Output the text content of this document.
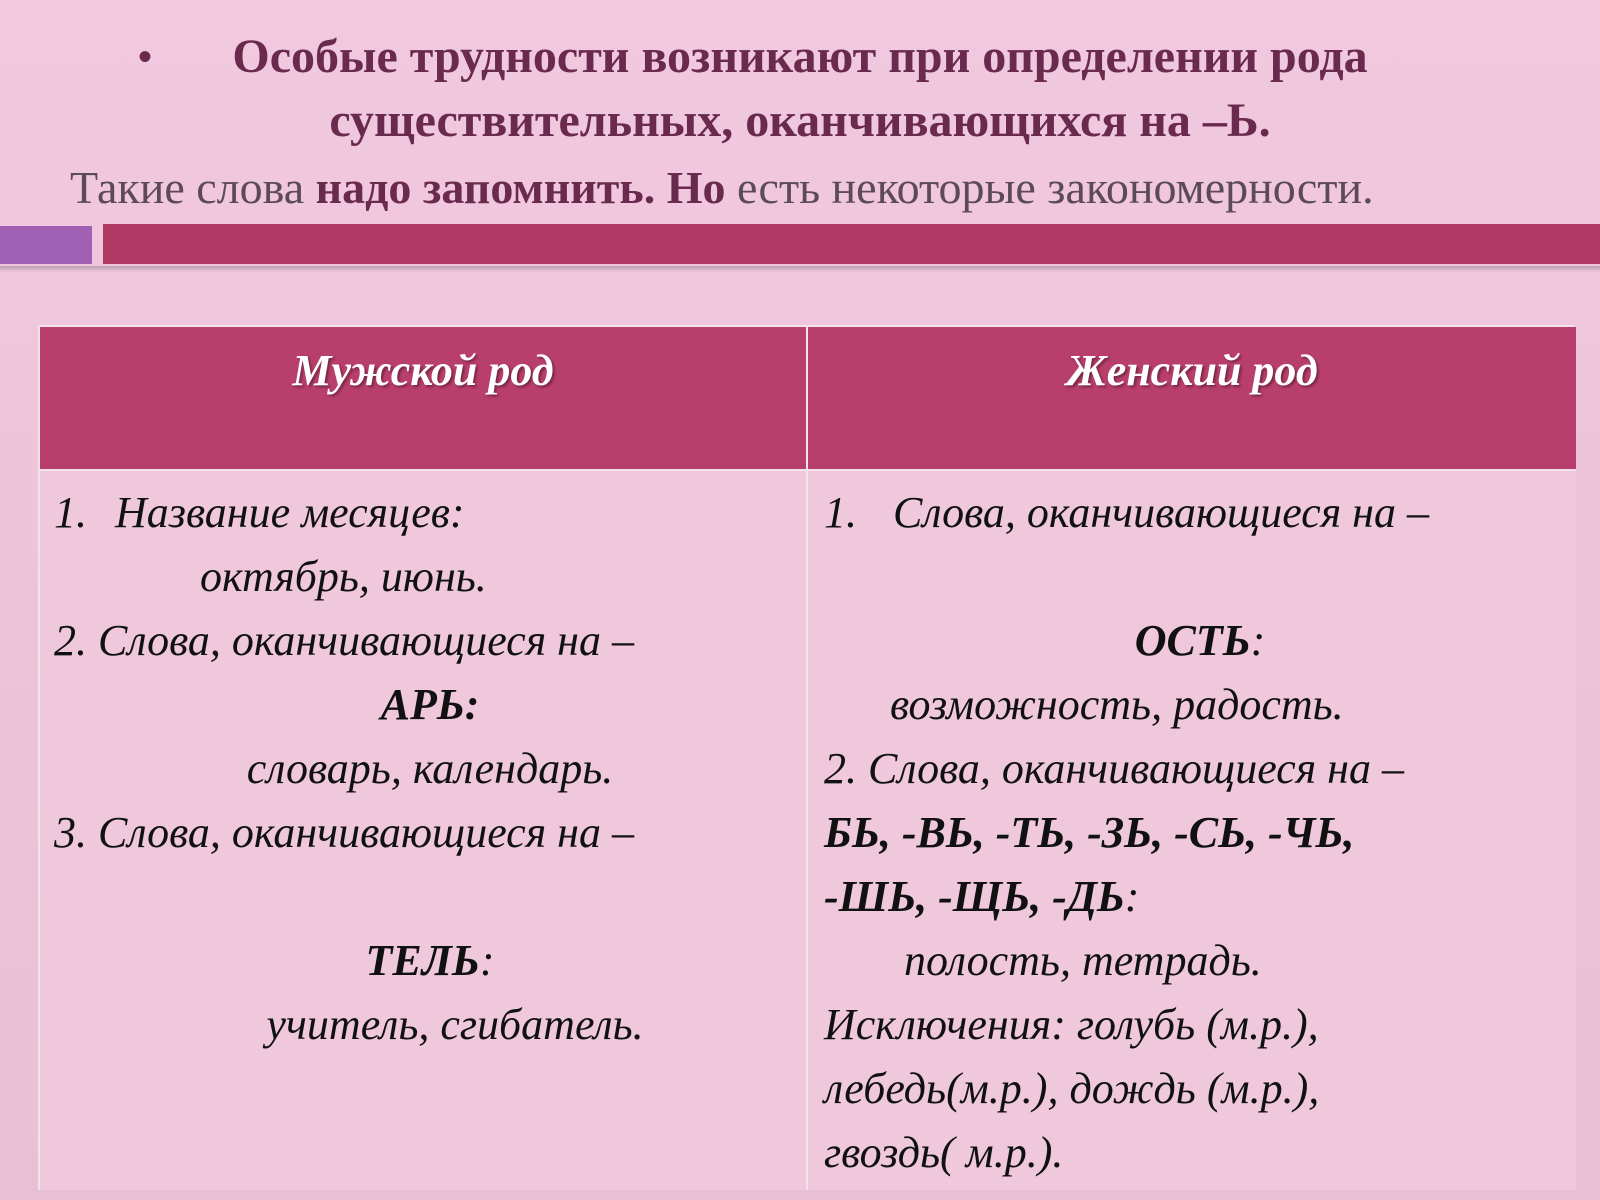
• Особые трудности возникают при определении рода
существительных, оканчивающихся на –Ь.
Такие слова надо запомнить. Но есть некоторые закономерности.
Мужской род	Женский род
1. Название месяцев:
октябрь, июнь.
2. Слова, оканчивающиеся на –
АРЬ:
словарь, календарь.
3. Слова, оканчивающиеся на –
ТЕЛЬ:
учитель, сгибатель.
1. Слова, оканчивающиеся на –
ОСТЬ:
возможность, радость.
2. Слова, оканчивающиеся на –
БЬ, -ВЬ, -ТЬ, -ЗЬ, -СЬ, -ЧЬ,
-ШЬ, -ЩЬ, -ДЬ:
полость, тетрадь.
Исключения: голубь (м.р.),
лебедь(м.р.), дождь (м.р.),
гвоздь( м.р.).
